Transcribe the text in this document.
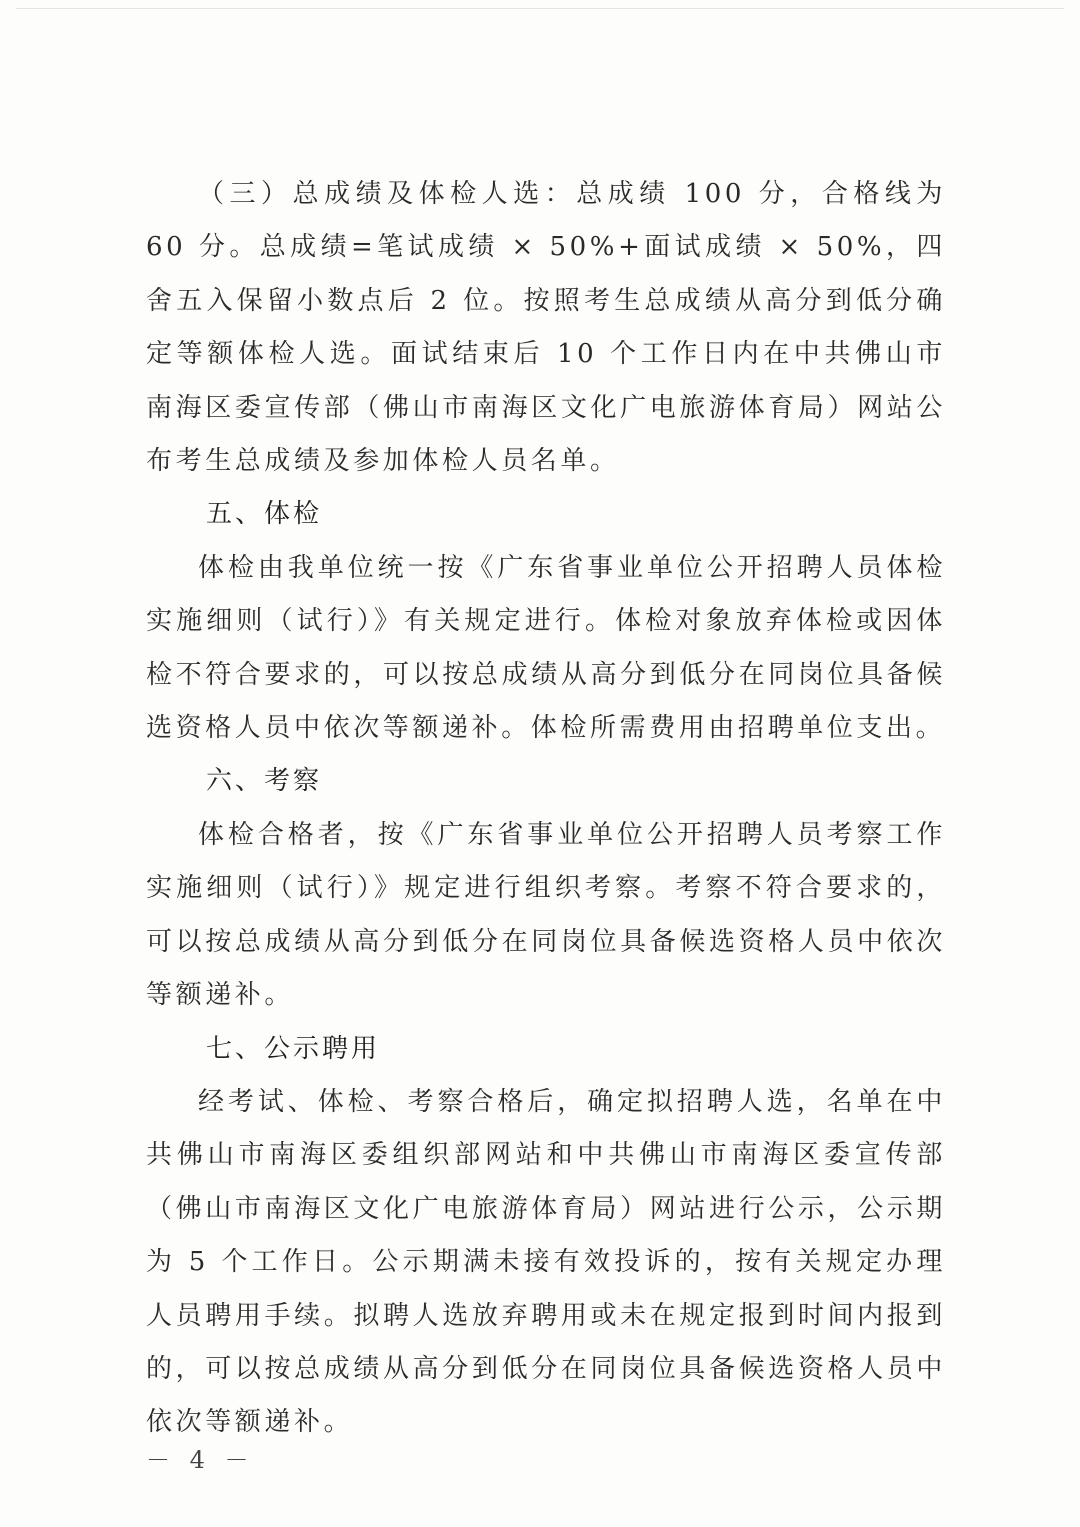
（三）总成绩及体检人选：总成绩 100 分，合格线为 60 分。总成绩=笔试成绩 × 50%+面试成绩 × 50%，四舍五入保留小数点后 2 位。按照考生总成绩从高分到低分确定等额体检人选。面试结束后 10 个工作日内在中共佛山市南海区委宣传部（佛山市南海区文化广电旅游体育局）网站公布考生总成绩及参加体检人员名单。

五、体检

体检由我单位统一按《广东省事业单位公开招聘人员体检实施细则（试行）》有关规定进行。体检对象放弃体检或因体检不符合要求的，可以按总成绩从高分到低分在同岗位具备候选资格人员中依次等额递补。体检所需费用由招聘单位支出。

六、考察

体检合格者，按《广东省事业单位公开招聘人员考察工作实施细则（试行）》规定进行组织考察。考察不符合要求的，可以按总成绩从高分到低分在同岗位具备候选资格人员中依次等额递补。

七、公示聘用

经考试、体检、考察合格后，确定拟招聘人选，名单在中共佛山市南海区委组织部网站和中共佛山市南海区委宣传部（佛山市南海区文化广电旅游体育局）网站进行公示，公示期为 5 个工作日。公示期满未接有效投诉的，按有关规定办理人员聘用手续。拟聘人选放弃聘用或未在规定报到时间内报到的，可以按总成绩从高分到低分在同岗位具备候选资格人员中依次等额递补。

－ 4 －
